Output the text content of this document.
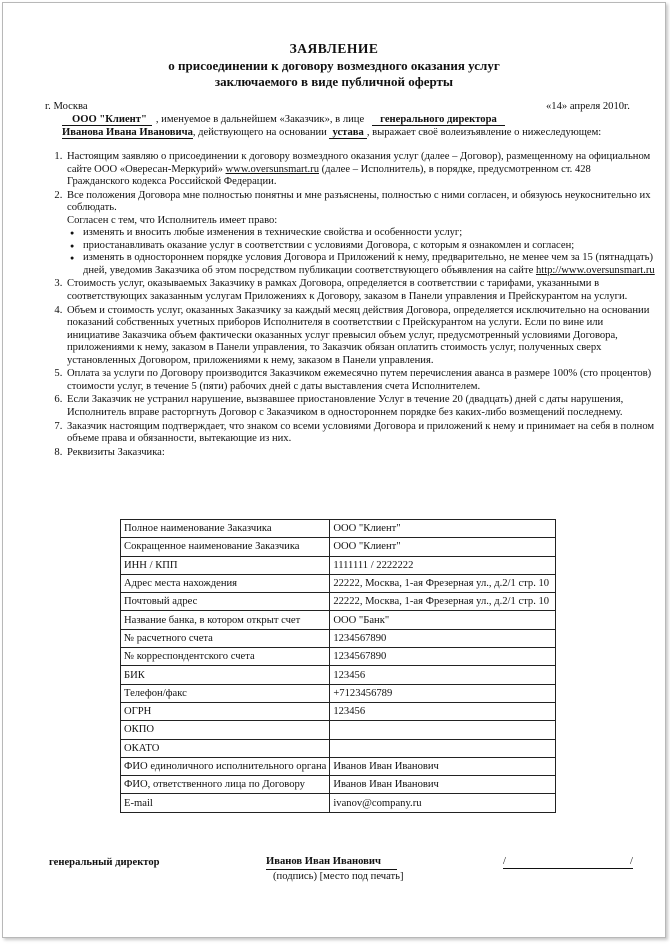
ЗАЯВЛЕНИЕ
о присоединении к договору возмездного оказания услуг
заключаемого в виде публичной оферты
г. Москва	«14» апреля 2010г.
ООО "Клиент" , именуемое в дальнейшем «Заказчик», в лице генерального директора
Иванова Ивана Ивановича, действующего на основании устава , выражает своё волеизъявление о нижеследующем:
1. Настоящим заявляю о присоединении к договору возмездного оказания услуг (далее – Договор), размещенному на официальном сайте ООО «Овересан-Меркурий» www.oversunsmart.ru (далее – Исполнитель), в порядке, предусмотренном ст. 428 Гражданского кодекса Российской Федерации.
2. Все положения Договора мне полностью понятны и мне разъяснены, полностью с ними согласен, и обязуюсь неукоснительно их соблюдать.
Согласен с тем, что Исполнитель имеет право:
● изменять и вносить любые изменения в технические свойства и особенности услуг;
● приостанавливать оказание услуг в соответствии с условиями Договора, с которым я ознакомлен и согласен;
● изменять в одностороннем порядке условия Договора и Приложений к нему, предварительно, не менее чем за 15 (пятнадцать) дней, уведомив Заказчика об этом посредством публикации соответствующего объявления на сайте http://www.oversunsmart.ru
3. Стоимость услуг, оказываемых Заказчику в рамках Договора, определяется в соответствии с тарифами, указанными в соответствующих заказанным услугам Приложениях к Договору, заказом в Панели управления и Прейскурантом на услуги.
4. Объем и стоимость услуг, оказанных Заказчику за каждый месяц действия Договора, определяется исключительно на основании показаний собственных учетных приборов Исполнителя в соответствии с Прейскурантом на услуги. Если по вине или инициативе Заказчика объем фактически оказанных услуг превысил объем услуг, предусмотренный условиями Договора, приложениями к нему, заказом в Панели управления, то Заказчик обязан оплатить стоимость услуг, полученных сверх установленных Договором, приложениями к нему, заказом в Панели управления.
5. Оплата за услуги по Договору производится Заказчиком ежемесячно путем перечисления аванса в размере 100% (сто процентов) стоимости услуг, в течение 5 (пяти) рабочих дней с даты выставления счета Исполнителем.
6. Если Заказчик не устранил нарушение, вызвавшее приостановление Услуг в течение 20 (двадцать) дней с даты нарушения, Исполнитель вправе расторгнуть Договор с Заказчиком в одностороннем порядке без каких-либо возмещений последнему.
7. Заказчик настоящим подтверждает, что знаком со всеми условиями Договора и приложений к нему и принимает на себя в полном объеме права и обязанности, вытекающие из них.
8. Реквизиты Заказчика:
Полное наименование Заказчика	ООО "Клиент"
Сокращенное наименование Заказчика	ООО "Клиент"
ИНН / КПП	1111111 / 2222222
Адрес места нахождения	22222, Москва, 1-ая Фрезерная ул., д.2/1 стр. 10
Почтовый адрес	22222, Москва, 1-ая Фрезерная ул., д.2/1 стр. 10
Название банка, в котором открыт счет	ООО "Банк"
№ расчетного счета	1234567890
№ корреспондентского счета	1234567890
БИК	123456
Телефон/факс	+7123456789
ОГРН	123456
ОКПО	
ОКАТО	
ФИО единоличного исполнительного органа	Иванов Иван Иванович
ФИО, ответственного лица по Договору	Иванов Иван Иванович
E-mail	ivanov@company.ru
генеральный директор	Иванов Иван Иванович
(подпись) [место под печать]
/	/
